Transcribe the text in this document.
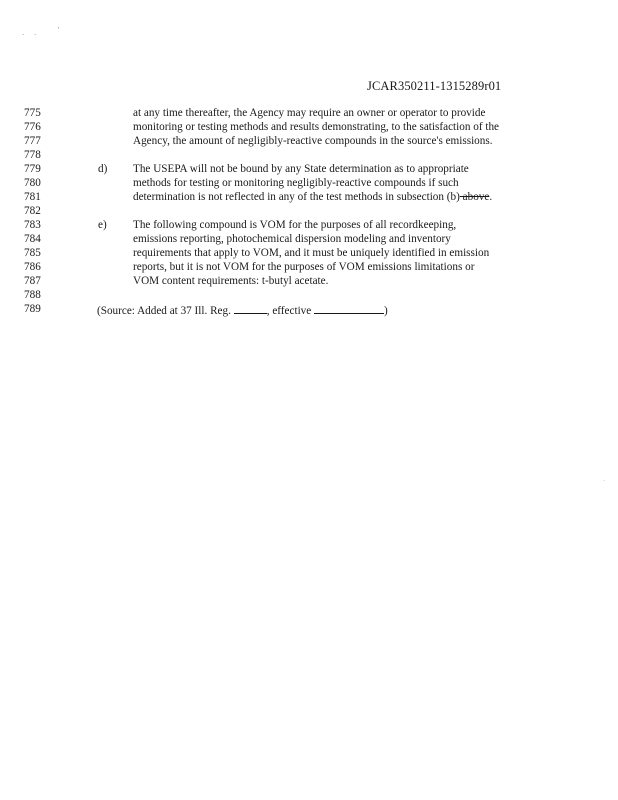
· ·
'
·
JCAR350211-1315289r01
775
776
777
778
779
780
781
782
783
784
785
786
787
788
789
d)
e)
at any time thereafter, the Agency may require an owner or operator to provide
monitoring or testing methods and results demonstrating, to the satisfaction of the
Agency, the amount of negligibly-reactive compounds in the source's emissions.
The USEPA will not be bound by any State determination as to appropriate
methods for testing or monitoring negligibly-reactive compounds if such
determination is not reflected in any of the test methods in subsection (b) above.
The following compound is VOM for the purposes of all recordkeeping,
emissions reporting, photochemical dispersion modeling and inventory
requirements that apply to VOM, and it must be uniquely identified in emission
reports, but it is not VOM for the purposes of VOM emissions limitations or
VOM content requirements: t-butyl acetate.
(Source: Added at 37 Ill. Reg.	, effective	)
